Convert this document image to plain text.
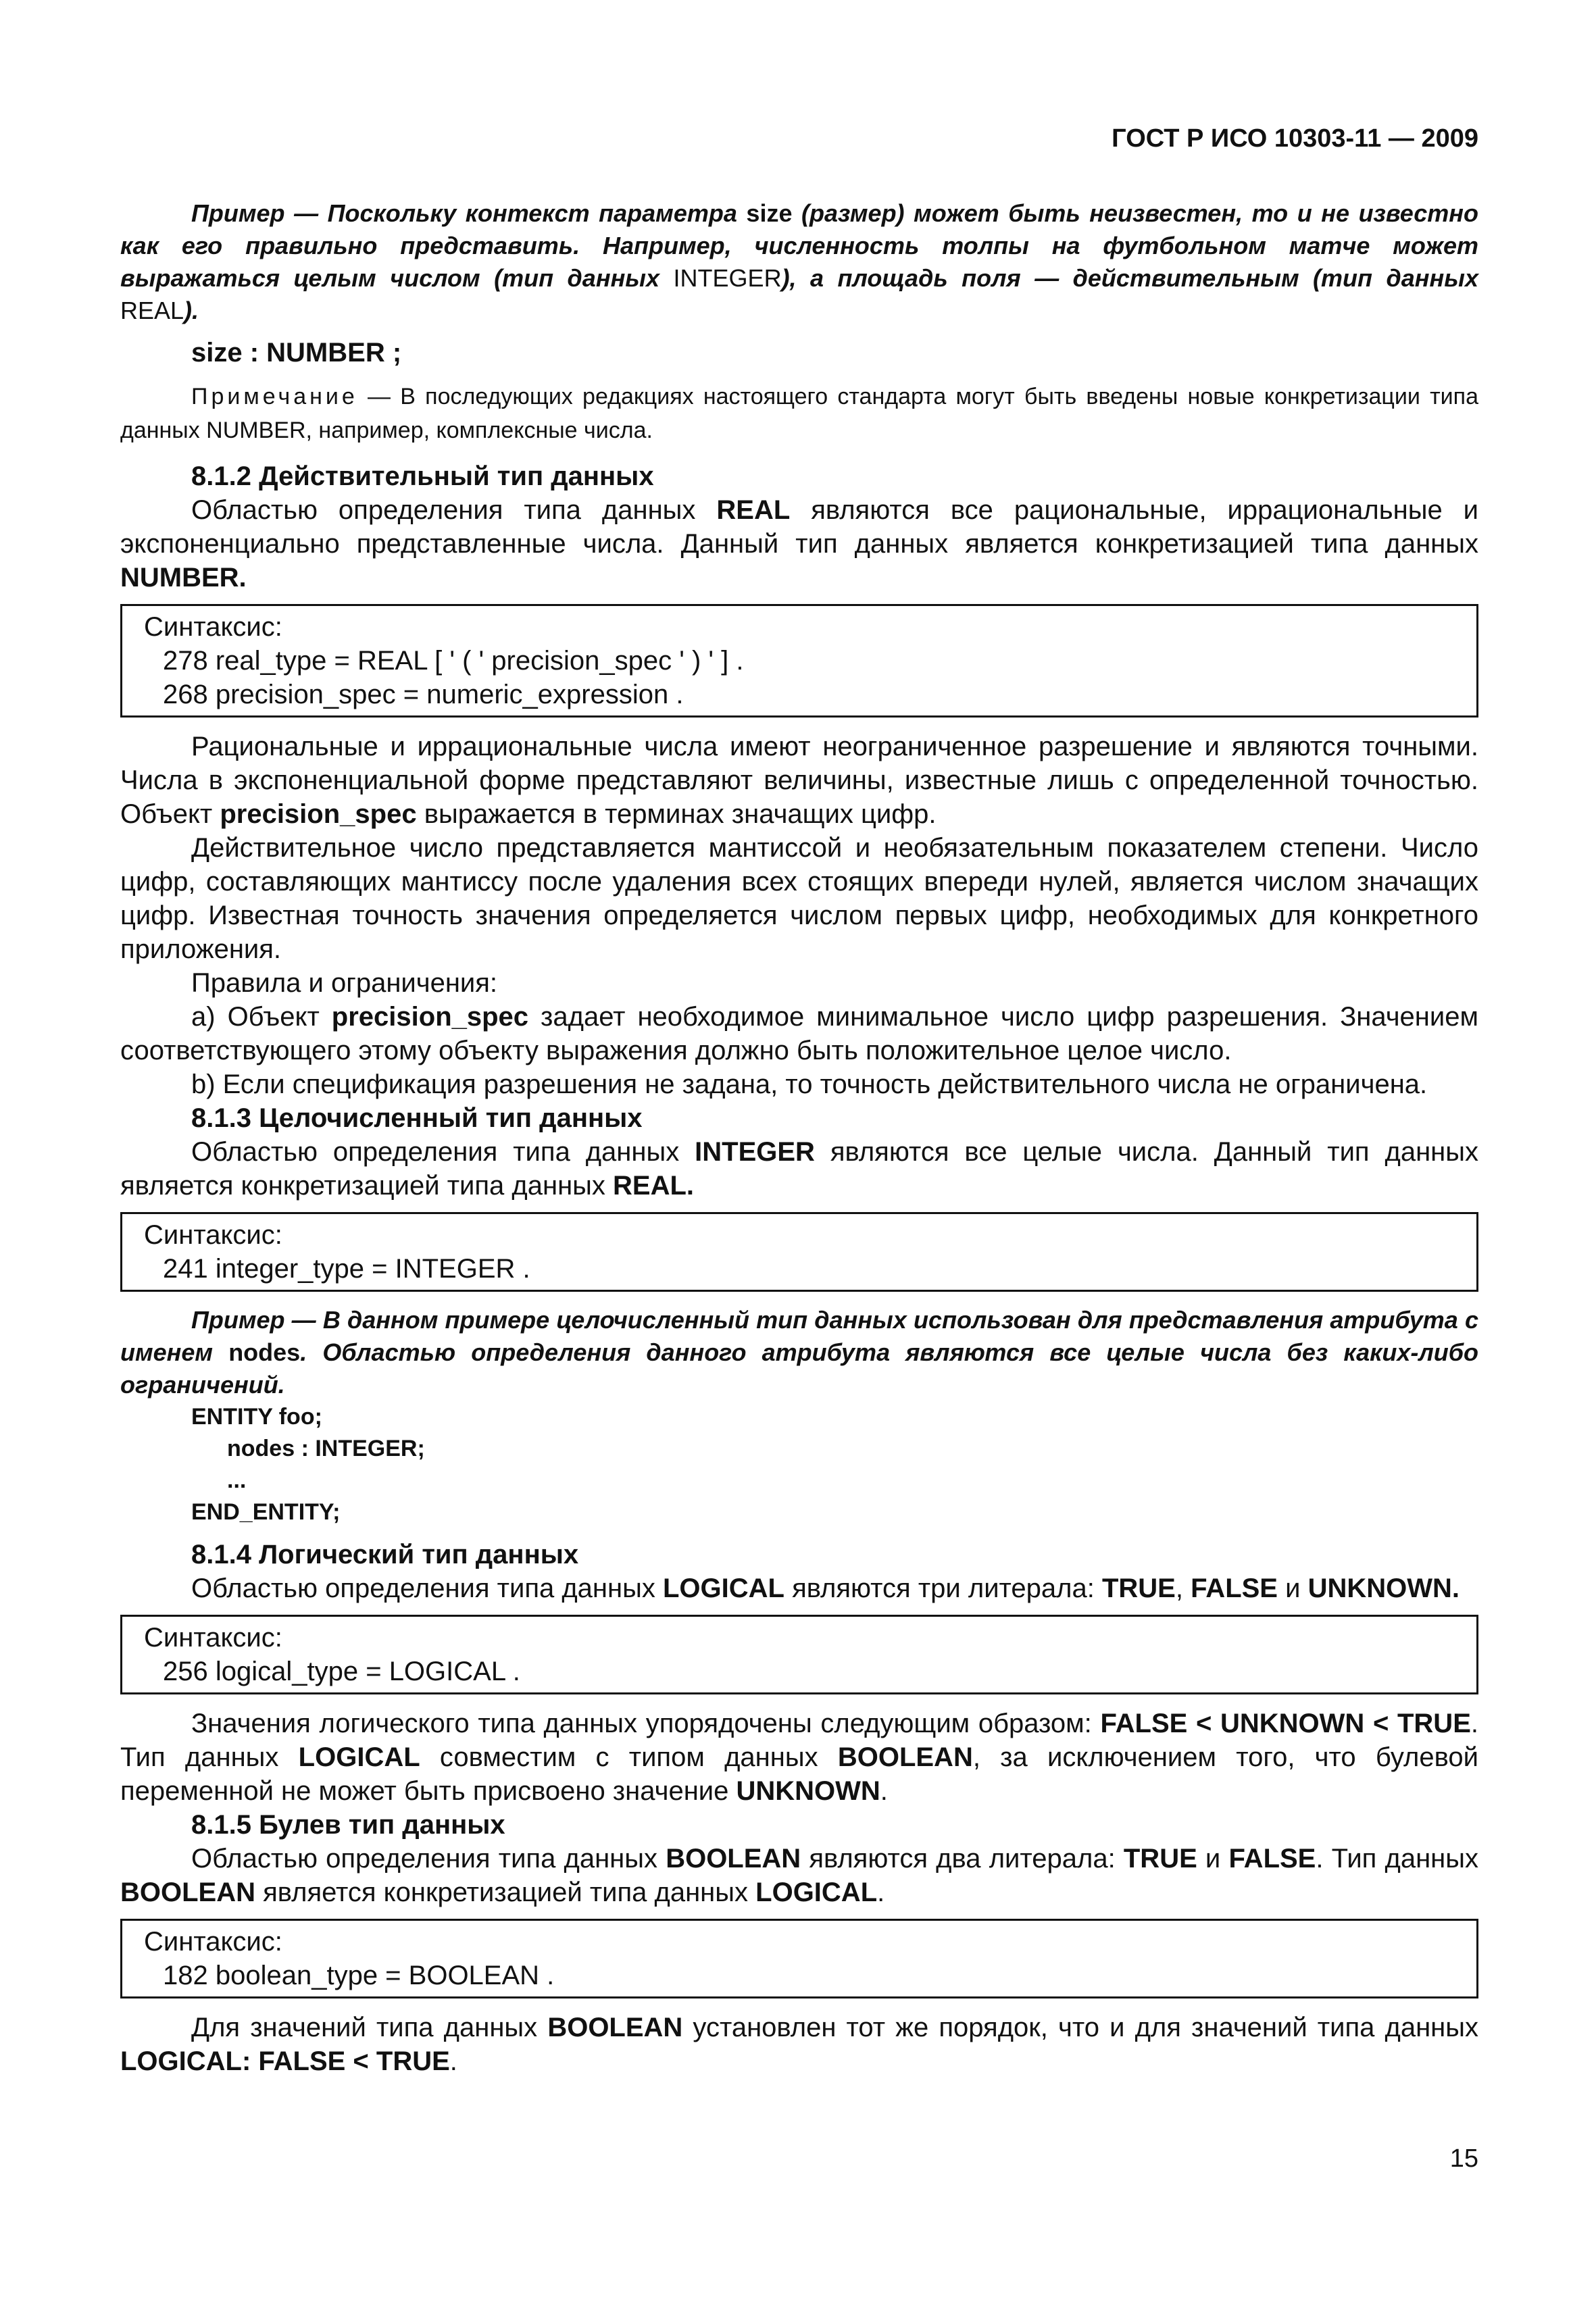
ГОСТ Р ИСО 10303-11 — 2009

Пример — Поскольку контекст параметра size (размер) может быть неизвестен, то и не известно как его правильно представить. Например, численность толпы на футбольном матче может выражаться целым числом (тип данных INTEGER), а площадь поля — действительным (тип данных REAL).

size : NUMBER ;

Примечание — В последующих редакциях настоящего стандарта могут быть введены новые конкретизации типа данных NUMBER, например, комплексные числа.

8.1.2 Действительный тип данных

Областью определения типа данных REAL являются все рациональные, иррациональные и экспоненциально представленные числа. Данный тип данных является конкретизацией типа данных NUMBER.

Синтаксис:
278 real_type = REAL [ ' ( ' precision_spec ' ) ' ] .
268 precision_spec = numeric_expression .

Рациональные и иррациональные числа имеют неограниченное разрешение и являются точными. Числа в экспоненциальной форме представляют величины, известные лишь с определенной точностью. Объект precision_spec выражается в терминах значащих цифр.

Действительное число представляется мантиссой и необязательным показателем степени. Число цифр, составляющих мантиссу после удаления всех стоящих впереди нулей, является числом значащих цифр. Известная точность значения определяется числом первых цифр, необходимых для конкретного приложения.

Правила и ограничения:

a) Объект precision_spec задает необходимое минимальное число цифр разрешения. Значением соответствующего этому объекту выражения должно быть положительное целое число.

b) Если спецификация разрешения не задана, то точность действительного числа не ограничена.

8.1.3 Целочисленный тип данных

Областью определения типа данных INTEGER являются все целые числа. Данный тип данных является конкретизацией типа данных REAL.

Синтаксис:
241 integer_type = INTEGER .

Пример — В данном примере целочисленный тип данных использован для представления атрибута с именем nodes. Областью определения данного атрибута являются все целые числа без каких-либо ограничений.

ENTITY foo;
nodes : INTEGER;
...
END_ENTITY;
8.1.4 Логический тип данных

Областью определения типа данных LOGICAL являются три литерала: TRUE, FALSE и UNKNOWN.

Синтаксис:
256 logical_type = LOGICAL .

Значения логического типа данных упорядочены следующим образом: FALSE < UNKNOWN < TRUE. Тип данных LOGICAL совместим с типом данных BOOLEAN, за исключением того, что булевой переменной не может быть присвоено значение UNKNOWN.

8.1.5 Булев тип данных

Областью определения типа данных BOOLEAN являются два литерала: TRUE и FALSE. Тип данных BOOLEAN является конкретизацией типа данных LOGICAL.

Синтаксис:
182 boolean_type = BOOLEAN .

Для значений типа данных BOOLEAN установлен тот же порядок, что и для значений типа данных LOGICAL: FALSE < TRUE.

15
